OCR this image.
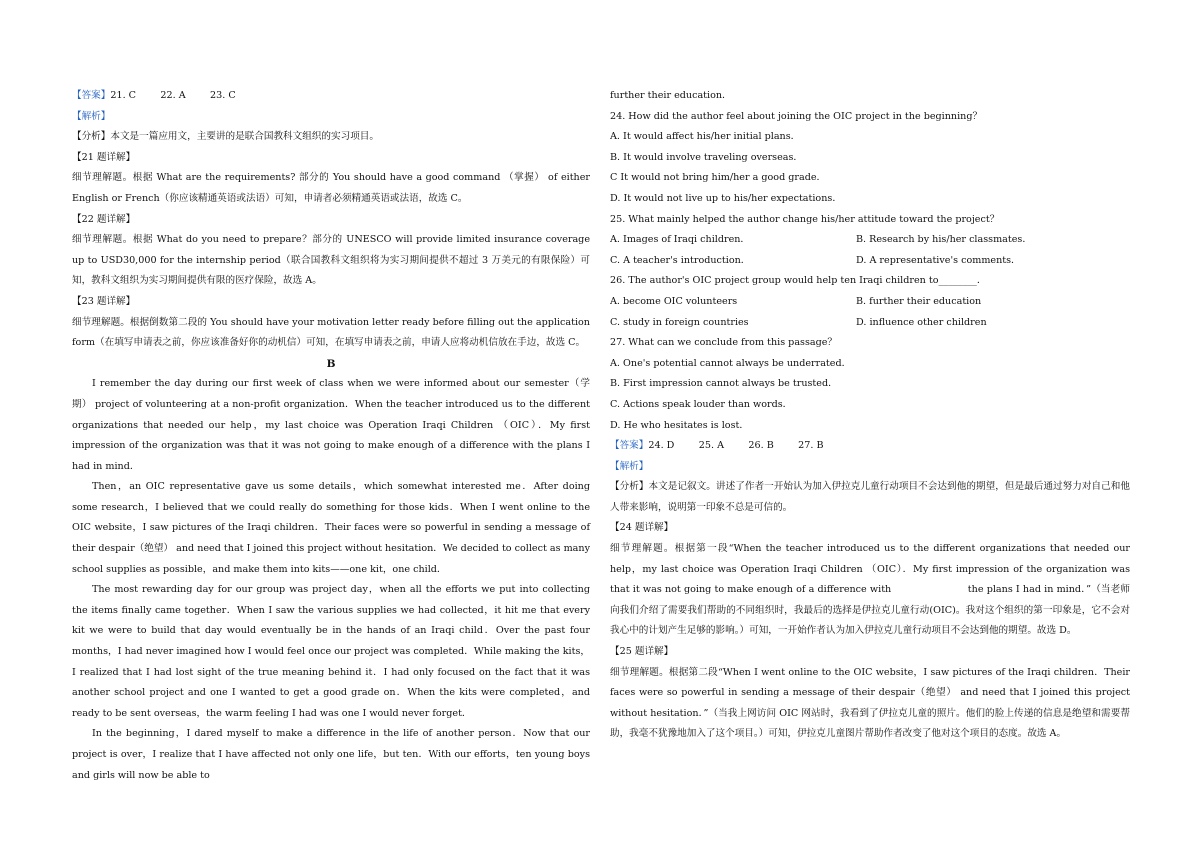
【答案】21. C        22. A        23. C
【解析】
【分析】本文是一篇应用文，主要讲的是联合国教科文组织的实习项目。
【21 题详解】
细节理解题。根据 What are the requirements? 部分的 You should have a good command （掌握） of either English or French（你应该精通英语或法语）可知，申请者必须精通英语或法语，故选 C。
【22 题详解】
细节理解题。根据 What do you need to prepare？部分的 UNESCO will provide limited insurance coverage up to USD30,000 for the internship period（联合国教科文组织将为实习期间提供不超过 3 万美元的有限保险）可知，教科文组织为实习期间提供有限的医疗保险，故选 A。
【23 题详解】
细节理解题。根据倒数第二段的 You should have your motivation letter ready before filling out the application form（在填写申请表之前，你应该准备好你的动机信）可知，在填写申请表之前，申请人应将动机信放在手边，故选 C。
B
I remember the day during our first week of class when we were informed about our semester（学期） project of volunteering at a non-profit organization．When the teacher introduced us to the different organizations that needed our help，my last choice was Operation Iraqi Children （OIC）．My first impression of the organization was that it was not going to make enough of a difference with the plans I had in mind．
Then，an OIC representative gave us some details，which somewhat interested me．After doing some research，I believed that we could really do something for those kids．When I went online to the OIC website，I saw pictures of the Iraqi children．Their faces were so powerful in sending a message of their despair（绝望） and need that I joined this project without hesitation．We decided to collect as many school supplies as possible，and make them into kits——one kit，one child．
The most rewarding day for our group was project day，when all the efforts we put into collecting the items finally came together．When I saw the various supplies we had collected，it hit me that every kit we were to build that day would eventually be in the hands of an Iraqi child．Over the past four months，I had never imagined how I would feel once our project was completed．While making the kits，I realized that I had lost sight of the true meaning behind it．I had only focused on the fact that it was another school project and one I wanted to get a good grade on．When the kits were completed，and ready to be sent overseas，the warm feeling I had was one I would never forget．
In the beginning，I dared myself to make a difference in the life of another person．Now that our project is over，I realize that I have affected not only one life，but ten．With our efforts，ten young boys and girls will now be able to
further their education．
24. How did the author feel about joining the OIC project in the beginning？
A. It would affect his/her initial plans．
B. It would involve traveling overseas．
C It would not bring him/her a good grade．
D. It would not live up to his/her expectations．
25. What mainly helped the author change his/her attitude toward the project？
A. Images of Iraqi children．	B. Research by his/her classmates．
C. A teacher's introduction．	D. A representative's comments．
26. The author's OIC project group would help ten Iraqi children to________．
A. become OIC volunteers	B. further their education
C. study in foreign countries	D. influence other children
27. What can we conclude from this passage？
A. One's potential cannot always be underrated．
B. First impression cannot always be trusted．
C. Actions speak louder than words．
D. He who hesitates is lost．
【答案】24. D        25. A        26. B        27. B
【解析】
【分析】本文是记叙文。讲述了作者一开始认为加入伊拉克儿童行动项目不会达到他的期望，但是最后通过努力对自己和他人带来影响，说明第一印象不总是可信的。
【24 题详解】
细节理解题。根据第一段“When the teacher introduced us to the different organizations that needed our help，my last choice was Operation Iraqi Children （OIC）．My first impression of the organization was that it was not going to make enough of a difference with                        the plans I had in mind．”（当老师向我们介绍了需要我们帮助的不同组织时，我最后的选择是伊拉克儿童行动(OIC)。我对这个组织的第一印象是，它不会对我心中的计划产生足够的影响。）可知，一开始作者认为加入伊拉克儿童行动项目不会达到他的期望。故选 D。
【25 题详解】
细节理解题。根据第二段“When I went online to the OIC website，I saw pictures of the Iraqi children．Their faces were so powerful in sending a message of their despair（绝望） and need that I joined this project without hesitation．”（当我上网访问 OIC 网站时，我看到了伊拉克儿童的照片。他们的脸上传递的信息是绝望和需要帮助，我毫不犹豫地加入了这个项目。）可知，伊拉克儿童图片帮助作者改变了他对这个项目的态度。故选 A。
